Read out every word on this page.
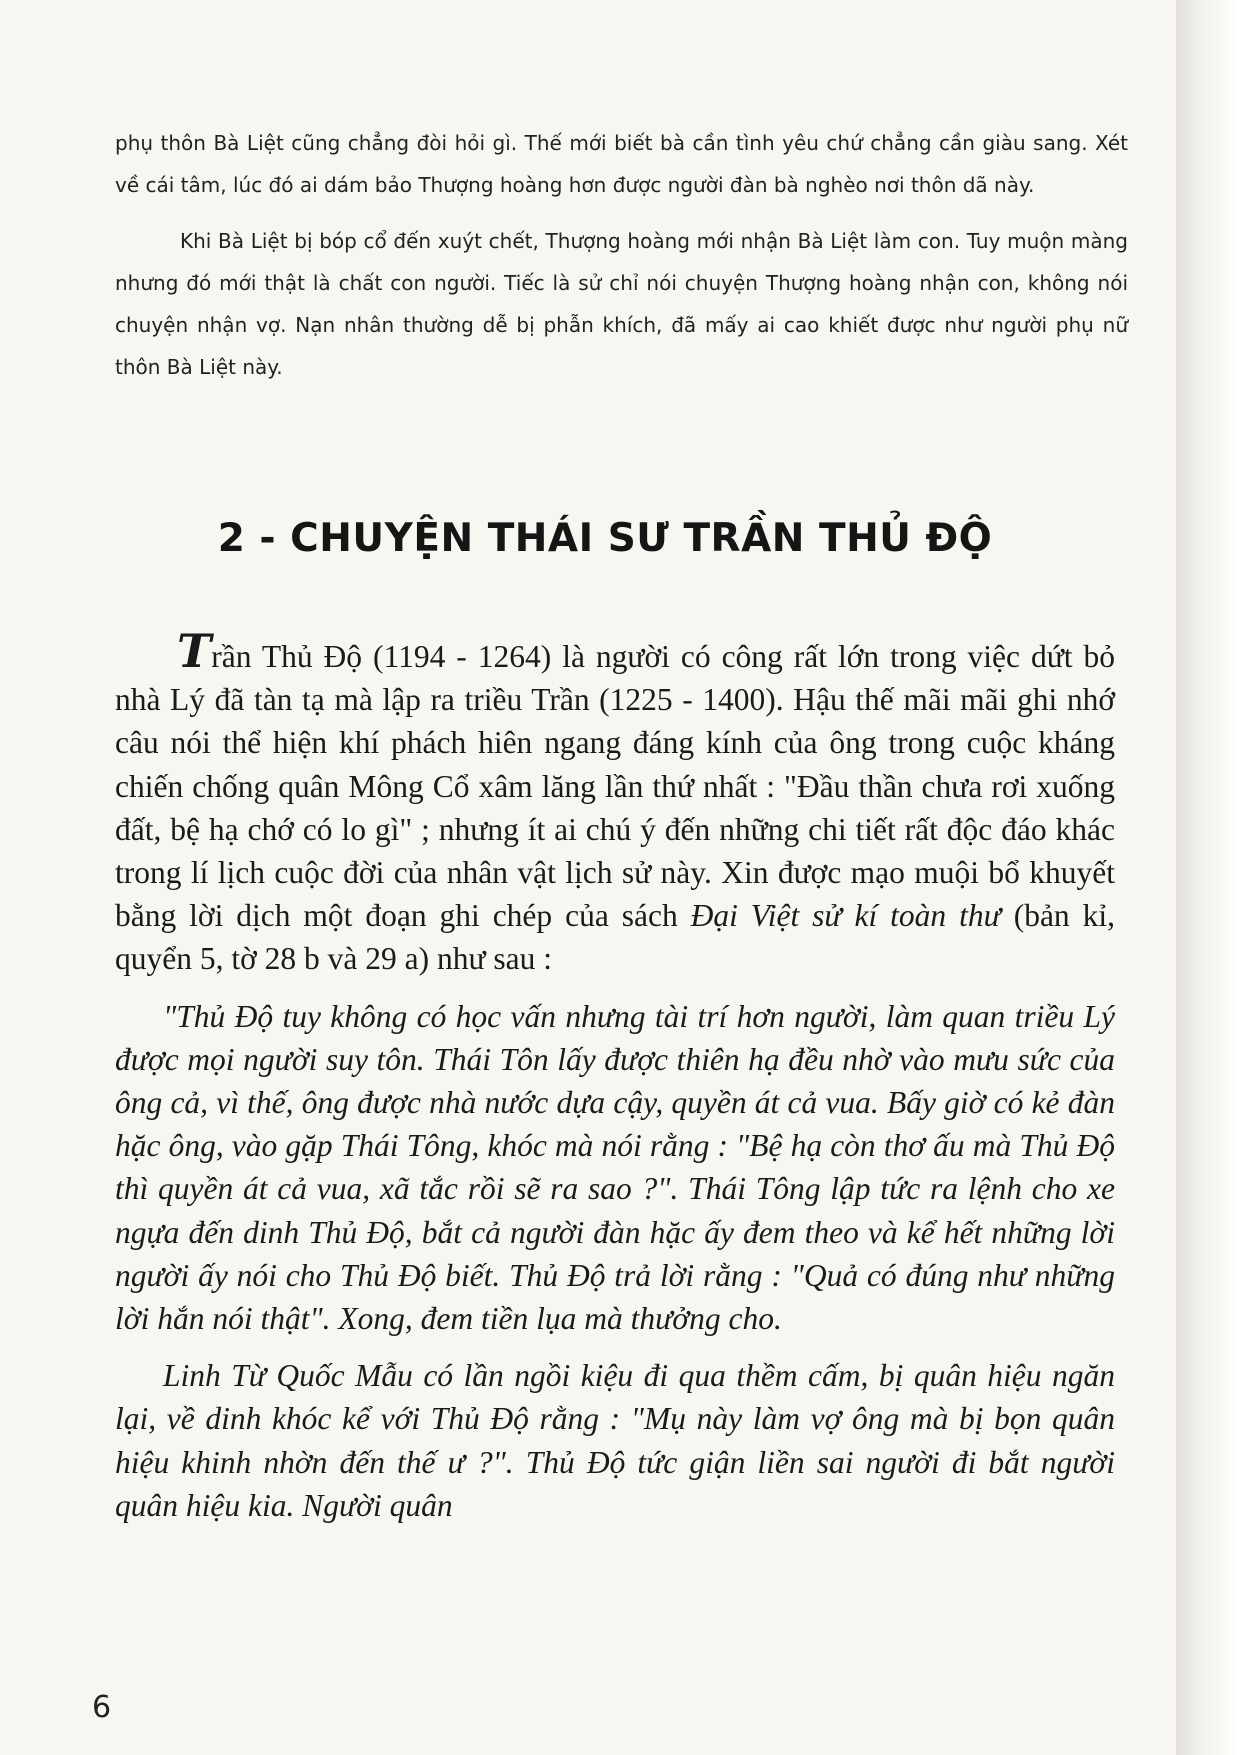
phụ thôn Bà Liệt cũng chẳng đòi hỏi gì. Thế mới biết bà cần tình yêu chứ chẳng cần giàu sang. Xét về cái tâm, lúc đó ai dám bảo Thượng hoàng hơn được người đàn bà nghèo nơi thôn dã này.

Khi Bà Liệt bị bóp cổ đến xuýt chết, Thượng hoàng mới nhận Bà Liệt làm con. Tuy muộn màng nhưng đó mới thật là chất con người. Tiếc là sử chỉ nói chuyện Thượng hoàng nhận con, không nói chuyện nhận vợ. Nạn nhân thường dễ bị phẫn khích, đã mấy ai cao khiết được như người phụ nữ thôn Bà Liệt này.

2 - CHUYỆN THÁI SƯ TRẦN THỦ ĐỘ

Trần Thủ Độ (1194 - 1264) là người có công rất lớn trong việc dứt bỏ nhà Lý đã tàn tạ mà lập ra triều Trần (1225 - 1400). Hậu thế mãi mãi ghi nhớ câu nói thể hiện khí phách hiên ngang đáng kính của ông trong cuộc kháng chiến chống quân Mông Cổ xâm lăng lần thứ nhất : "Đầu thần chưa rơi xuống đất, bệ hạ chớ có lo gì" ; nhưng ít ai chú ý đến những chi tiết rất độc đáo khác trong lí lịch cuộc đời của nhân vật lịch sử này. Xin được mạo muội bổ khuyết bằng lời dịch một đoạn ghi chép của sách Đại Việt sử kí toàn thư (bản kỉ, quyển 5, tờ 28 b và 29 a) như sau :

"Thủ Độ tuy không có học vấn nhưng tài trí hơn người, làm quan triều Lý được mọi người suy tôn. Thái Tôn lấy được thiên hạ đều nhờ vào mưu sức của ông cả, vì thế, ông được nhà nước dựa cậy, quyền át cả vua. Bấy giờ có kẻ đàn hặc ông, vào gặp Thái Tông, khóc mà nói rằng : "Bệ hạ còn thơ ấu mà Thủ Độ thì quyền át cả vua, xã tắc rồi sẽ ra sao ?". Thái Tông lập tức ra lệnh cho xe ngựa đến dinh Thủ Độ, bắt cả người đàn hặc ấy đem theo và kể hết những lời người ấy nói cho Thủ Độ biết. Thủ Độ trả lời rằng : "Quả có đúng như những lời hắn nói thật". Xong, đem tiền lụa mà thưởng cho.

Linh Từ Quốc Mẫu có lần ngồi kiệu đi qua thềm cấm, bị quân hiệu ngăn lại, về dinh khóc kể với Thủ Độ rằng : "Mụ này làm vợ ông mà bị bọn quân hiệu khinh nhờn đến thế ư ?". Thủ Độ tức giận liền sai người đi bắt người quân hiệu kia. Người quân

6
